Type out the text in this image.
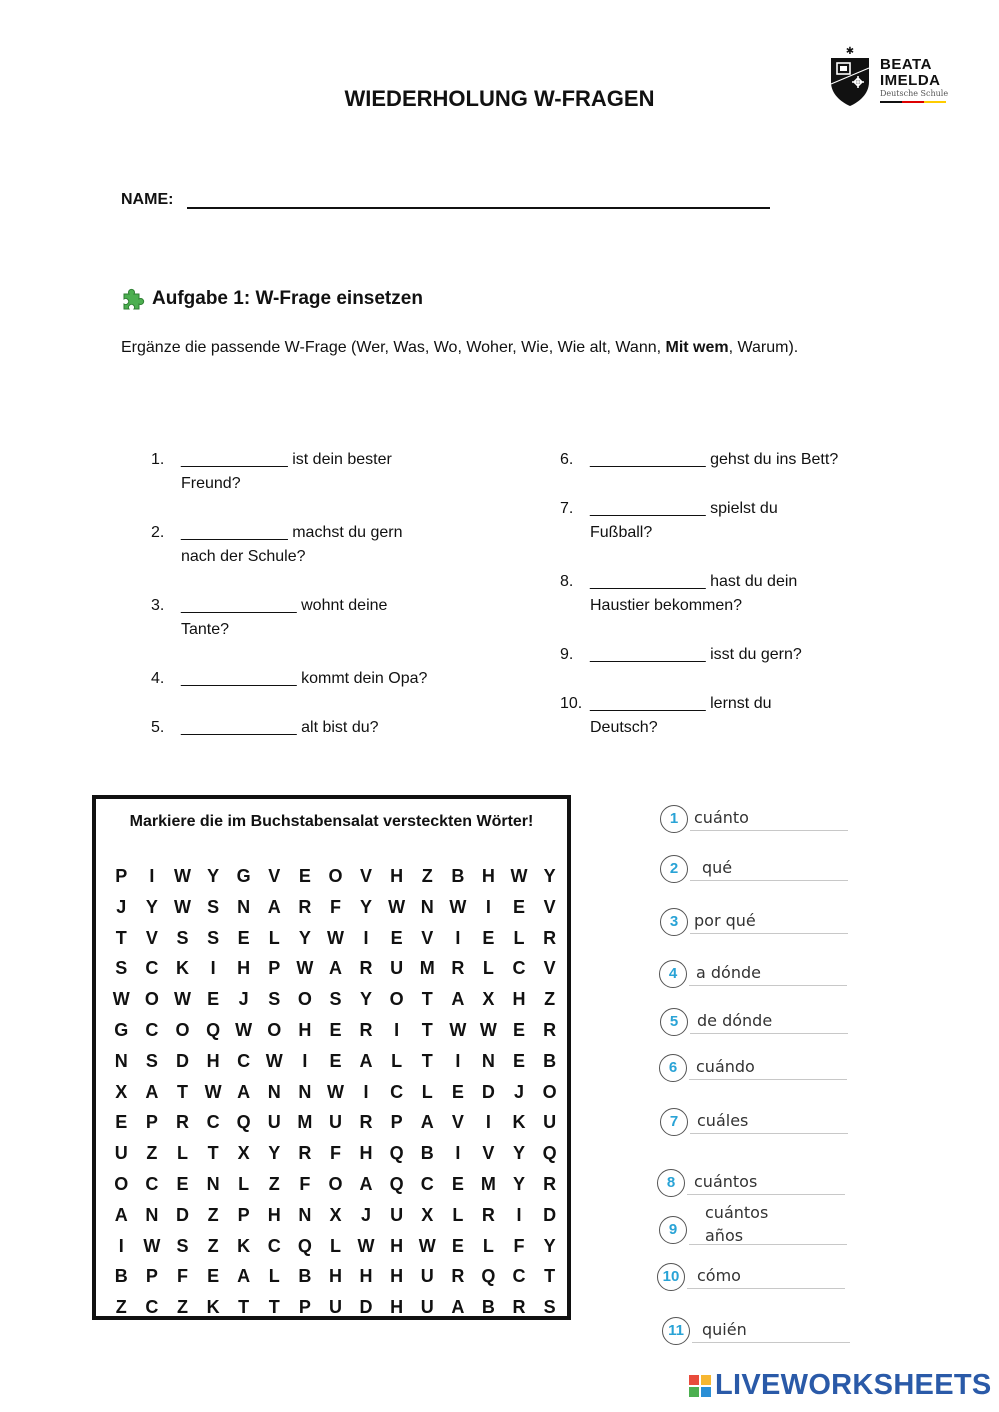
✱
BEATA
IMELDA
Deutsche Schule
WIEDERHOLUNG W-FRAGEN
NAME:
Aufgabe 1: W-Frage einsetzen
Ergänze die passende W-Frage (Wer, Was, Wo, Woher, Wie, Wie alt, Wann, Mit wem, Warum).
1.	____________ ist dein bester
Freund?
2.	____________ machst du gern
nach der Schule?
3.	_____________ wohnt deine
Tante?
4.	_____________ kommt dein Opa?
5.	_____________ alt bist du?
6.	_____________ gehst du ins Bett?
7.	_____________ spielst du
Fußball?
8.	_____________ hast du dein
Haustier bekommen?
9.	_____________ isst du gern?
10. _____________ lernst du
Deutsch?
Markiere die im Buchstabensalat versteckten Wörter!
P	I	W Y G V	E O V	H	Z	B H W Y
J	Y W S	N A R	F	Y W N W	I	E	V
T	V	S	S	E	L	Y W	I	E	V	I	E	L	R
S	C K	I	H	P W A R U M R	L	C	V
W O W E	J	S O S	Y O	T	A	X	H	Z
G C O Q W O H	E	R	I	T W W E	R
N	S	D H C W	I	E	A	L	T	I	N	E	B
X	A	T W A N N W	I	C	L	E	D	J	O
E	P	R C Q U M U R	P	A	V	I	K U
U	Z	L	T	X	Y	R	F	H Q B	I	V	Y Q
O C	E	N	L	Z	F	O A Q C	E M Y	R
A N D	Z	P	H N	X	J	U	X	L	R	I	D
I	W S	Z	K C Q	L W H W E	L	F	Y
B	P	F	E	A	L	B H H H U R Q C	T
Z	C	Z	K	T	T	P	U D H U A B R	S
1 cuánto
2	qué
3 por qué
4	a dónde
5	de dónde
6	cuándo
7	cuáles
8	cuántos
9
cuántos
años
10	cómo
11	quién
LIVEWORKSHEETS
